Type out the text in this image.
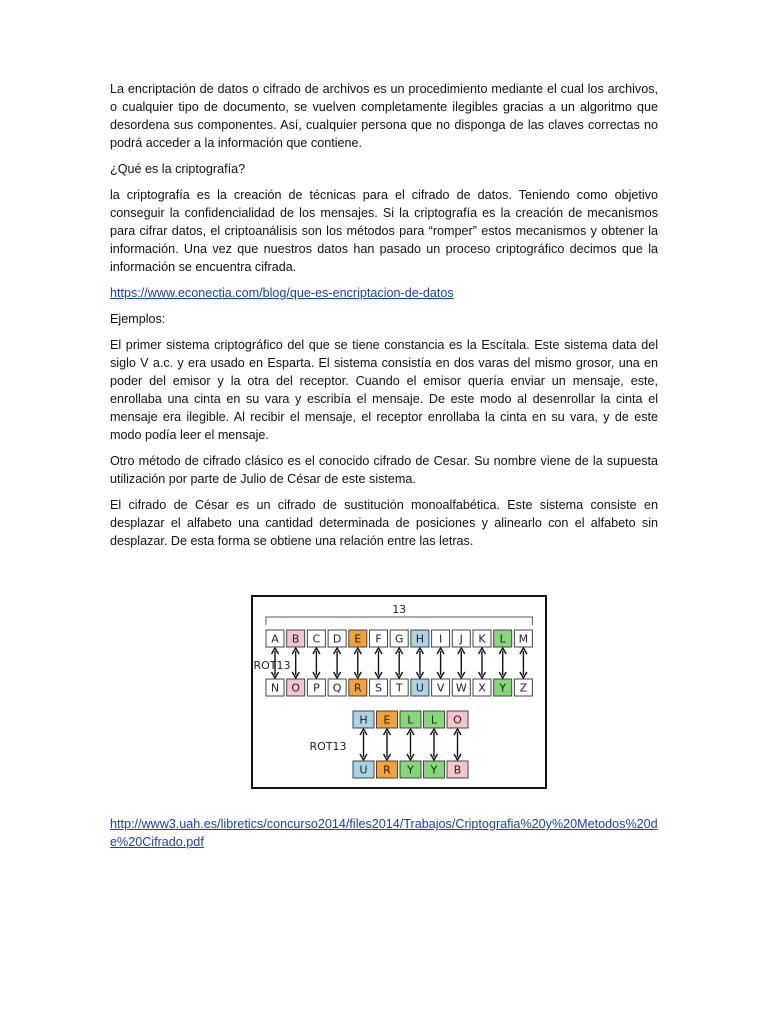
La encriptación de datos o cifrado de archivos es un procedimiento mediante el cual los archivos, o cualquier tipo de documento, se vuelven completamente ilegibles gracias a un algoritmo que desordena sus componentes. Así, cualquier persona que no disponga de las claves correctas no podrá acceder a la información que contiene.

¿Qué es la criptografía?

la criptografía es la creación de técnicas para el cifrado de datos. Teniendo como objetivo conseguir la confidencialidad de los mensajes. Si la criptografía es la creación de mecanismos para cifrar datos, el criptoanálisis son los métodos para “romper” estos mecanismos y obtener la información. Una vez que nuestros datos han pasado un proceso criptográfico decimos que la información se encuentra cifrada.

https://www.econectia.com/blog/que-es-encriptacion-de-datos

Ejemplos:

El primer sistema criptográfico del que se tiene constancia es la Escítala. Este sistema data del siglo V a.c. y era usado en Esparta. El sistema consistía en dos varas del mismo grosor, una en poder del emisor y la otra del receptor. Cuando el emisor quería enviar un mensaje, este, enrollaba una cinta en su vara y escribía el mensaje. De este modo al desenrollar la cinta el mensaje era ilegible. Al recibir el mensaje, el receptor enrollaba la cinta en su vara, y de este modo podía leer el mensaje.

Otro método de cifrado clásico es el conocido cifrado de Cesar. Su nombre viene de la supuesta utilización por parte de Julio de César de este sistema.

El cifrado de César es un cifrado de sustitución monoalfabética. Este sistema consiste en desplazar el alfabeto una cantidad determinada de posiciones y alinearlo con el alfabeto sin desplazar. De esta forma se obtiene una relación entre las letras.

13
ROT13
A
N
B
O
C
P
D
Q
E
R
F
S
G
T
H
U
I
V
J
W
K
X
L
Y
M
Z
ROT13
H
U
E
R
L
Y
L
Y
O
B
http://www3.uah.es/libretics/concurso2014/files2014/Trabajos/Criptografia%20y%20Metodos%20de%20Cifrado.pdf
